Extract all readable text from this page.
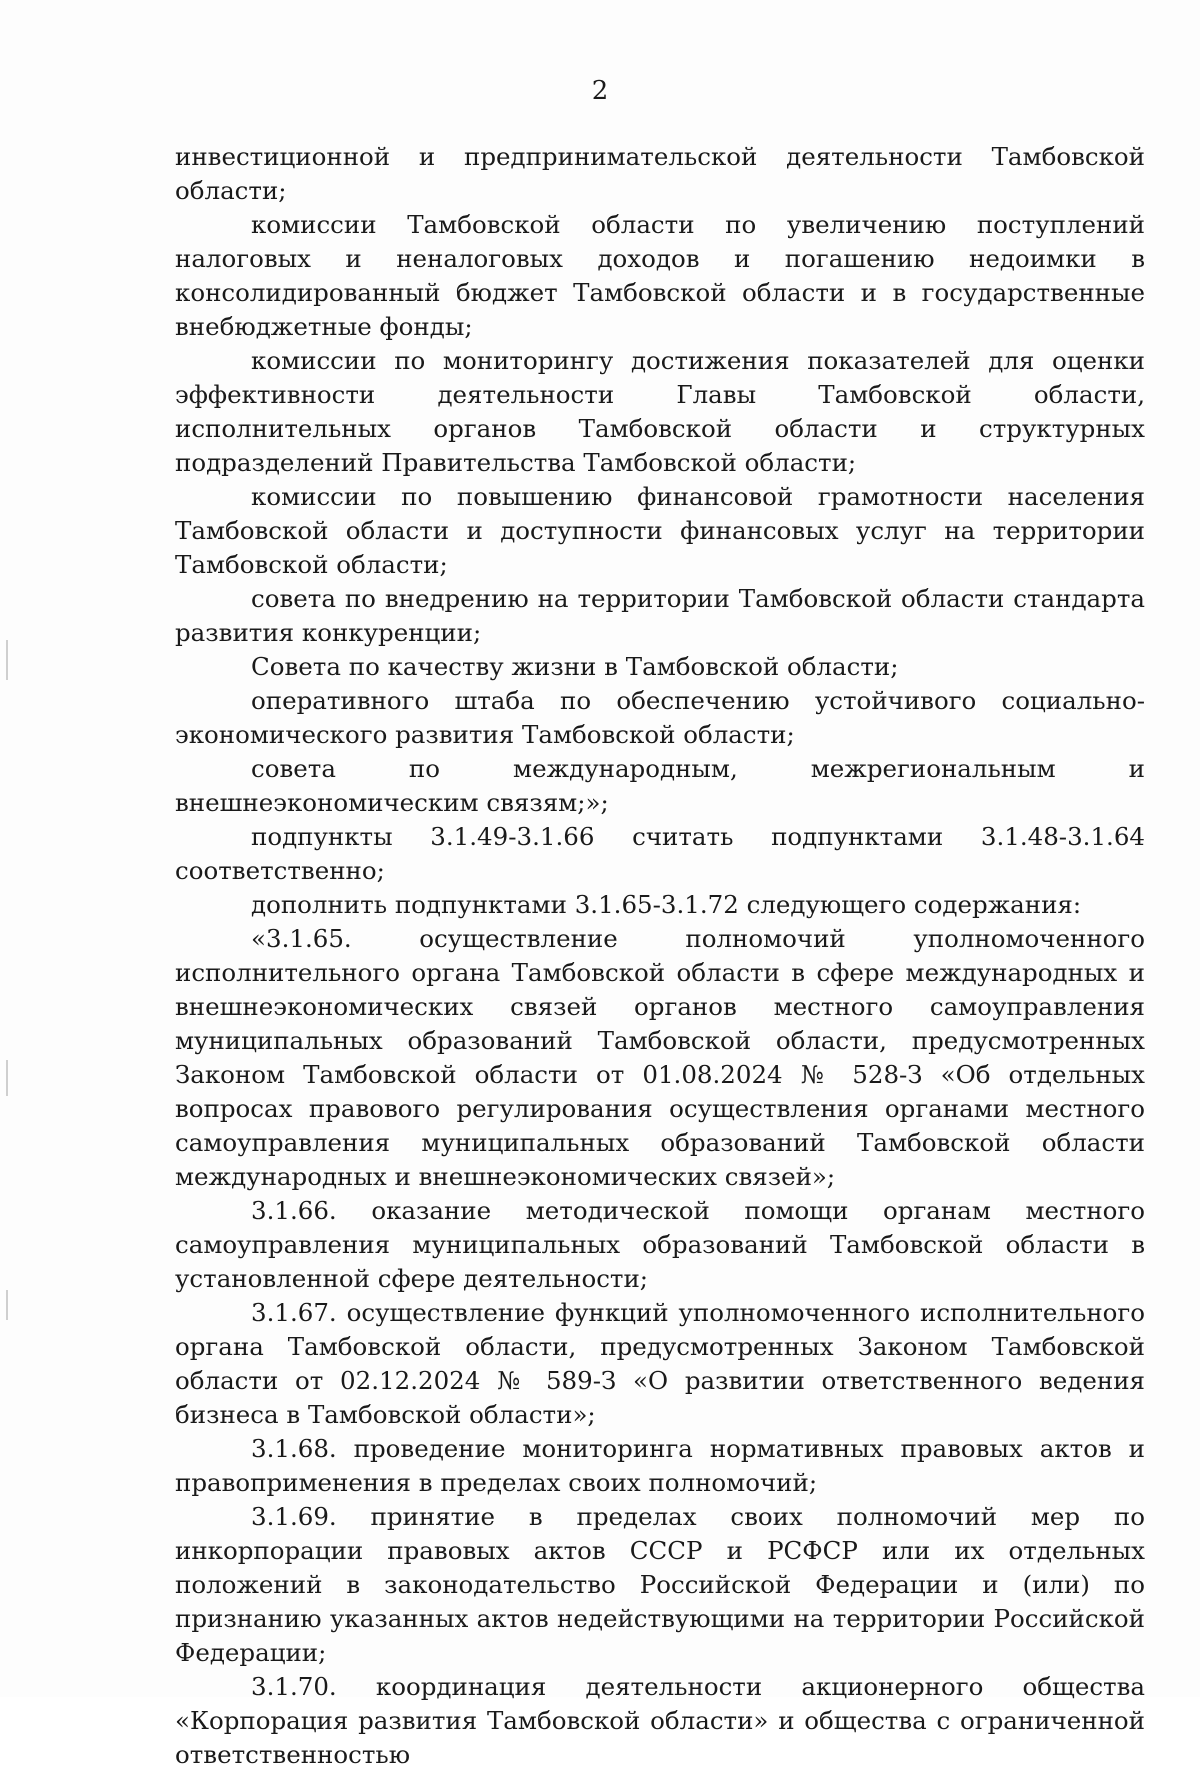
2

инвестиционной и предпринимательской деятельности Тамбовской области;

комиссии Тамбовской области по увеличению поступлений налоговых и неналоговых доходов и погашению недоимки в консолидированный бюджет Тамбовской области и в государственные внебюджетные фонды;

комиссии по мониторингу достижения показателей для оценки эффективности деятельности Главы Тамбовской области, исполнительных органов Тамбовской области и структурных подразделений Правительства Тамбовской области;

комиссии по повышению финансовой грамотности населения Тамбовской области и доступности финансовых услуг на территории Тамбовской области;

совета по внедрению на территории Тамбовской области стандарта развития конкуренции;

Совета по качеству жизни в Тамбовской области;

оперативного штаба по обеспечению устойчивого социально-экономического развития Тамбовской области;

совета по международным, межрегиональным и внешнеэкономическим связям;»;

подпункты 3.1.49-3.1.66 считать подпунктами 3.1.48-3.1.64 соответственно;

дополнить подпунктами 3.1.65-3.1.72 следующего содержания:

«3.1.65. осуществление полномочий уполномоченного исполнительного органа Тамбовской области в сфере международных и внешнеэкономических связей органов местного самоуправления муниципальных образований Тамбовской области, предусмотренных Законом Тамбовской области от 01.08.2024 № 528-З «Об отдельных вопросах правового регулирования осуществления органами местного самоуправления муниципальных образований Тамбовской области международных и внешнеэкономических связей»;

3.1.66. оказание методической помощи органам местного самоуправления муниципальных образований Тамбовской области в установленной сфере деятельности;

3.1.67. осуществление функций уполномоченного исполнительного органа Тамбовской области, предусмотренных Законом Тамбовской области от 02.12.2024 № 589-З «О развитии ответственного ведения бизнеса в Тамбовской области»;

3.1.68. проведение мониторинга нормативных правовых актов и правоприменения в пределах своих полномочий;

3.1.69. принятие в пределах своих полномочий мер по инкорпорации правовых актов СССР и РСФСР или их отдельных положений в законодательство Российской Федерации и (или) по признанию указанных актов недействующими на территории Российской Федерации;

3.1.70. координация деятельности акционерного общества «Корпорация развития Тамбовской области» и общества с ограниченной ответственностью
